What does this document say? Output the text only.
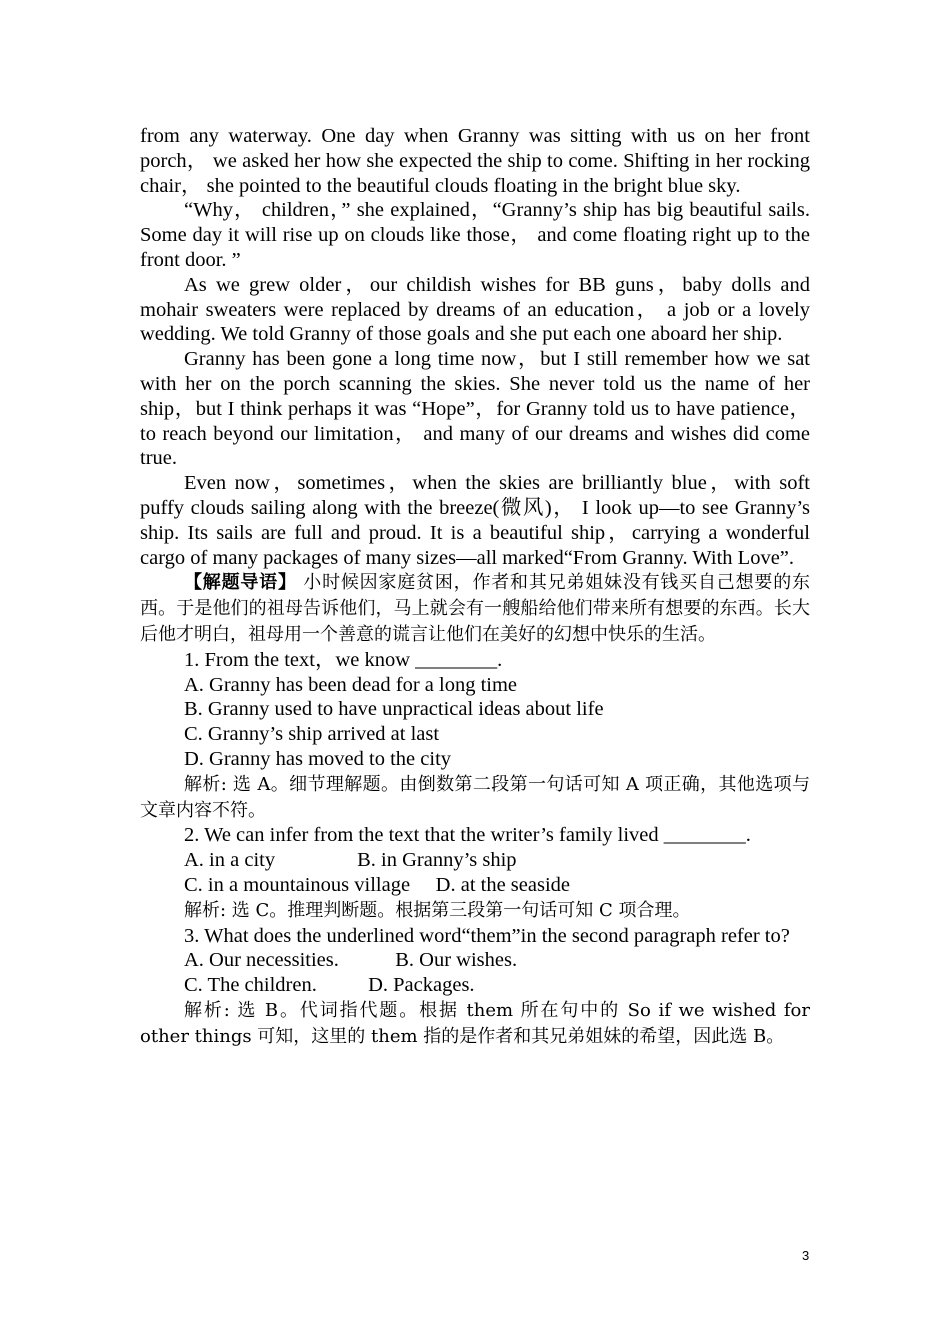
from any waterway. One day when Granny was sitting with us on her front porch， we asked her how she expected the ship to come. Shifting in her rocking chair， she pointed to the beautiful clouds floating in the bright blue sky.

“Why， children，” she explained，“Granny’s ship has big beautiful sails. Some day it will rise up on clouds like those， and come floating right up to the front door. ”

As we grew older，our childish wishes for BB guns，baby dolls and mohair sweaters were replaced by dreams of an education， a job or a lovely wedding. We told Granny of those goals and she put each one aboard her ship.

Granny has been gone a long time now，but I still remember how we sat with her on the porch scanning the skies. She never told us the name of her ship，but I think perhaps it was “Hope”，for Granny told us to have patience， to reach beyond our limitation， and many of our dreams and wishes did come true.

Even now，sometimes，when the skies are brilliantly blue，with soft puffy clouds sailing along with the breeze(微风)， I look up—to see Granny’s ship. Its sails are full and proud. It is a beautiful ship，carrying a wonderful cargo of many packages of many sizes—all marked“From Granny. With Love”.

【解题导语】 小时候因家庭贫困，作者和其兄弟姐妹没有钱买自己想要的东西。于是他们的祖母告诉他们，马上就会有一艘船给他们带来所有想要的东西。长大后他才明白，祖母用一个善意的谎言让他们在美好的幻想中快乐的生活。

1. From the text，we know ________.

A. Granny has been dead for a long time

B. Granny used to have unpractical ideas about life

C. Granny’s ship arrived at last

D. Granny has moved to the city

解析: 选 A。细节理解题。由倒数第二段第一句话可知 A 项正确，其他选项与文章内容不符。

2. We can infer from the text that the writer’s family lived ________.

A. in a city                B. in Granny’s ship

C. in a mountainous village     D. at the seaside

解析: 选 C。推理判断题。根据第三段第一句话可知 C 项合理。

3. What does the underlined word“them”in the second paragraph refer to?

A. Our necessities.           B. Our wishes.

C. The children.          D. Packages.

解析: 选 B。代词指代题。根据 them 所在句中的 So if we wished for other things 可知，这里的 them 指的是作者和其兄弟姐妹的希望，因此选 B。

3
